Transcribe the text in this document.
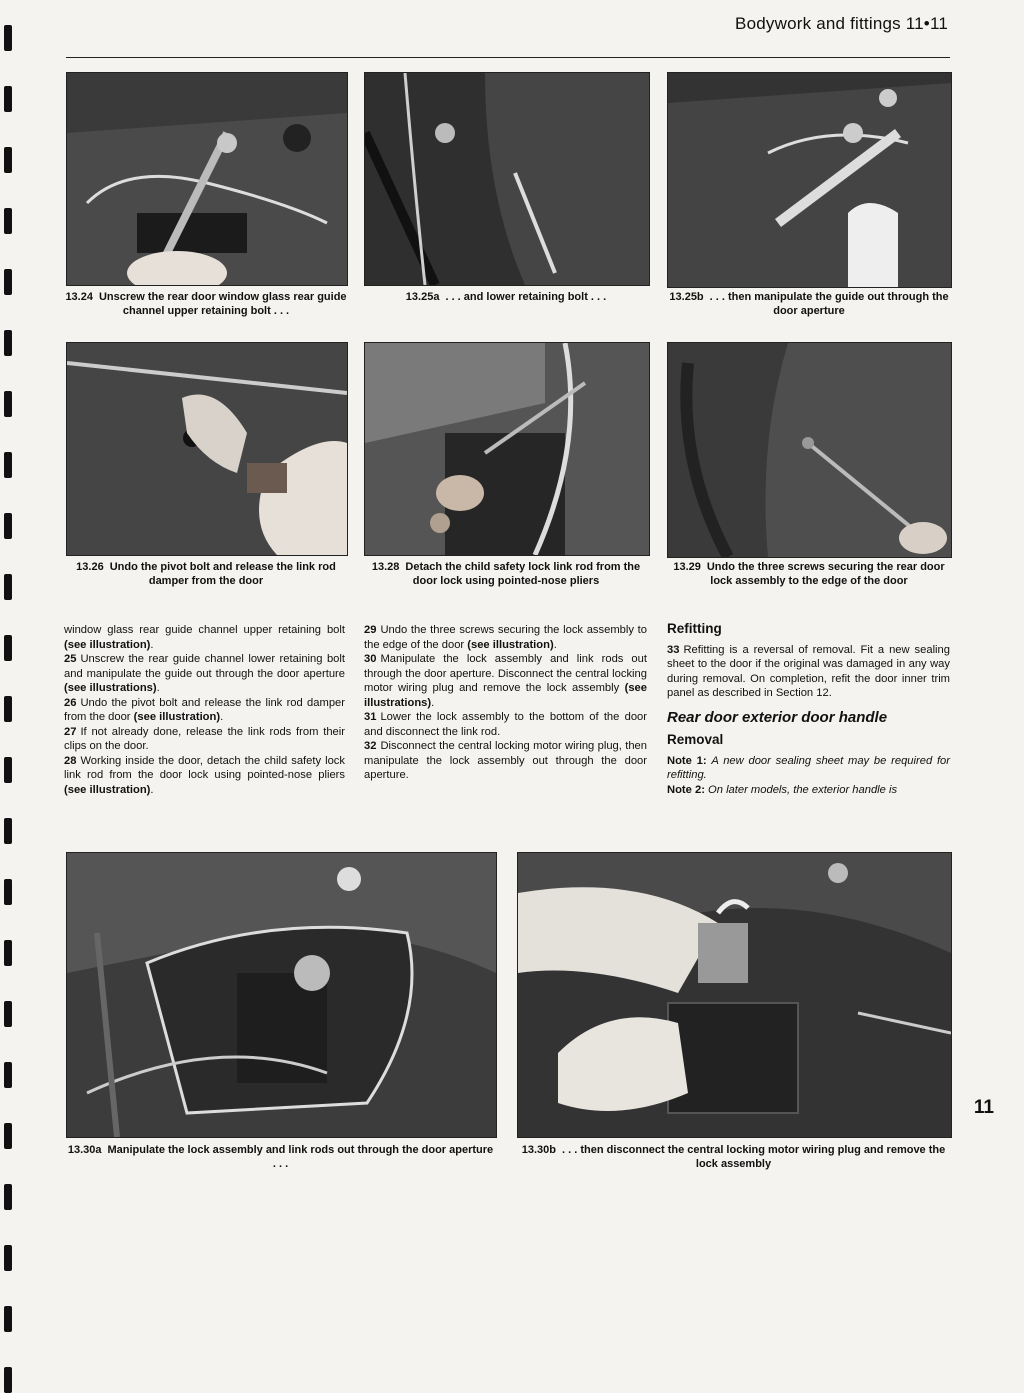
Bodywork and fittings 11•11
13.24 Unscrew the rear door window glass rear guide channel upper retaining bolt . . .
13.25a . . . and lower retaining bolt . . .	13.25b . . . then manipulate the guide out through the door aperture
13.26 Undo the pivot bolt and release the link rod damper from the door
13.28 Detach the child safety lock link rod from the door lock using pointed-nose pliers
13.29 Undo the three screws securing the rear door lock assembly to the edge of the door

window glass rear guide channel upper retaining bolt (see illustration).

25 Unscrew the rear guide channel lower retaining bolt and manipulate the guide out through the door aperture (see illustrations).

26 Undo the pivot bolt and release the link rod damper from the door (see illustration).

27 If not already done, release the link rods from their clips on the door.

28 Working inside the door, detach the child safety lock link rod from the door lock using pointed-nose pliers (see illustration).

29 Undo the three screws securing the lock assembly to the edge of the door (see illustration).

30 Manipulate the lock assembly and link rods out through the door aperture. Disconnect the central locking motor wiring plug and remove the lock assembly (see illustrations).

31 Lower the lock assembly to the bottom of the door and disconnect the link rod.

32 Disconnect the central locking motor wiring plug, then manipulate the lock assembly out through the door aperture.

Refitting

33 Refitting is a reversal of removal. Fit a new sealing sheet to the door if the original was damaged in any way during removal. On completion, refit the door inner trim panel as described in Section 12.

Rear door exterior door handle
Removal

Note 1: A new door sealing sheet may be required for refitting.

Note 2: On later models, the exterior handle is

13.30a Manipulate the lock assembly and link rods out through the door aperture . . .
13.30b . . . then disconnect the central locking motor wiring plug and remove the lock assembly
11
